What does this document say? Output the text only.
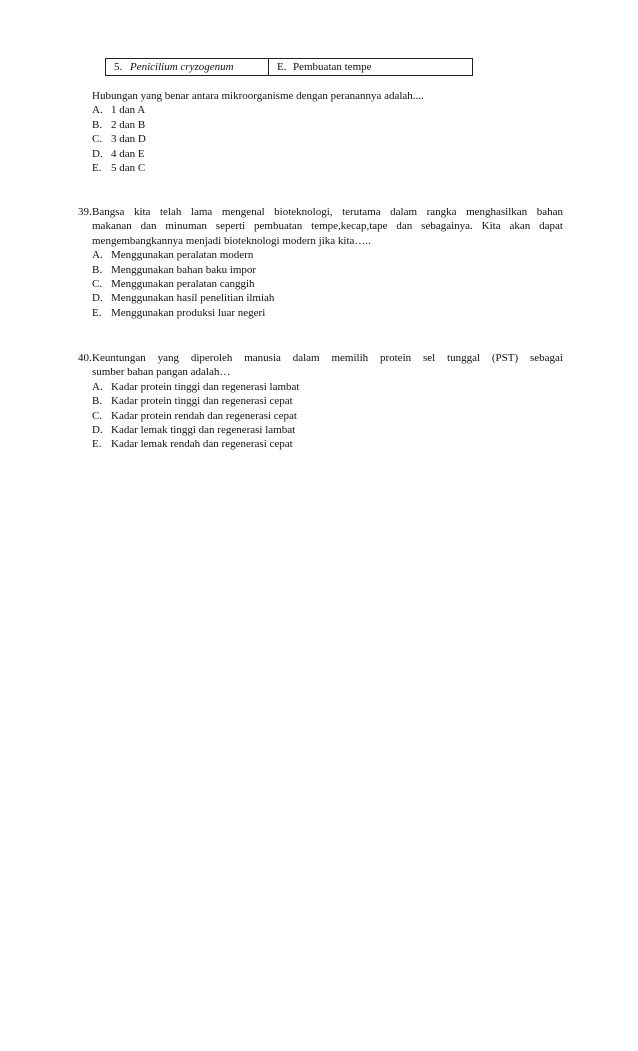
5. Penicilium cryzogenum	E. Pembuatan tempe
Hubungan yang benar antara mikroorganisme dengan peranannya adalah....
A. 1 dan A
B. 2 dan B
C. 3 dan D
D. 4 dan E
E. 5 dan C
39. Bangsa kita telah lama mengenal bioteknologi, terutama dalam rangka menghasilkan bahan
makanan dan minuman seperti pembuatan tempe,kecap,tape dan sebagainya. Kita akan dapat
mengembangkannya menjadi bioteknologi modern jika kita…..
A. Menggunakan peralatan modern
B. Menggunakan bahan baku impor
C. Menggunakan peralatan canggih
D. Menggunakan hasil penelitian ilmiah
E. Menggunakan produksi luar negeri
40. Keuntungan yang diperoleh manusia dalam memilih protein sel tunggal (PST) sebagai
sumber bahan pangan adalah…
A. Kadar protein tinggi dan regenerasi lambat
B. Kadar protein tinggi dan regenerasi cepat
C. Kadar protein rendah dan regenerasi cepat
D. Kadar lemak tinggi dan regenerasi lambat
E. Kadar lemak rendah dan regenerasi cepat
